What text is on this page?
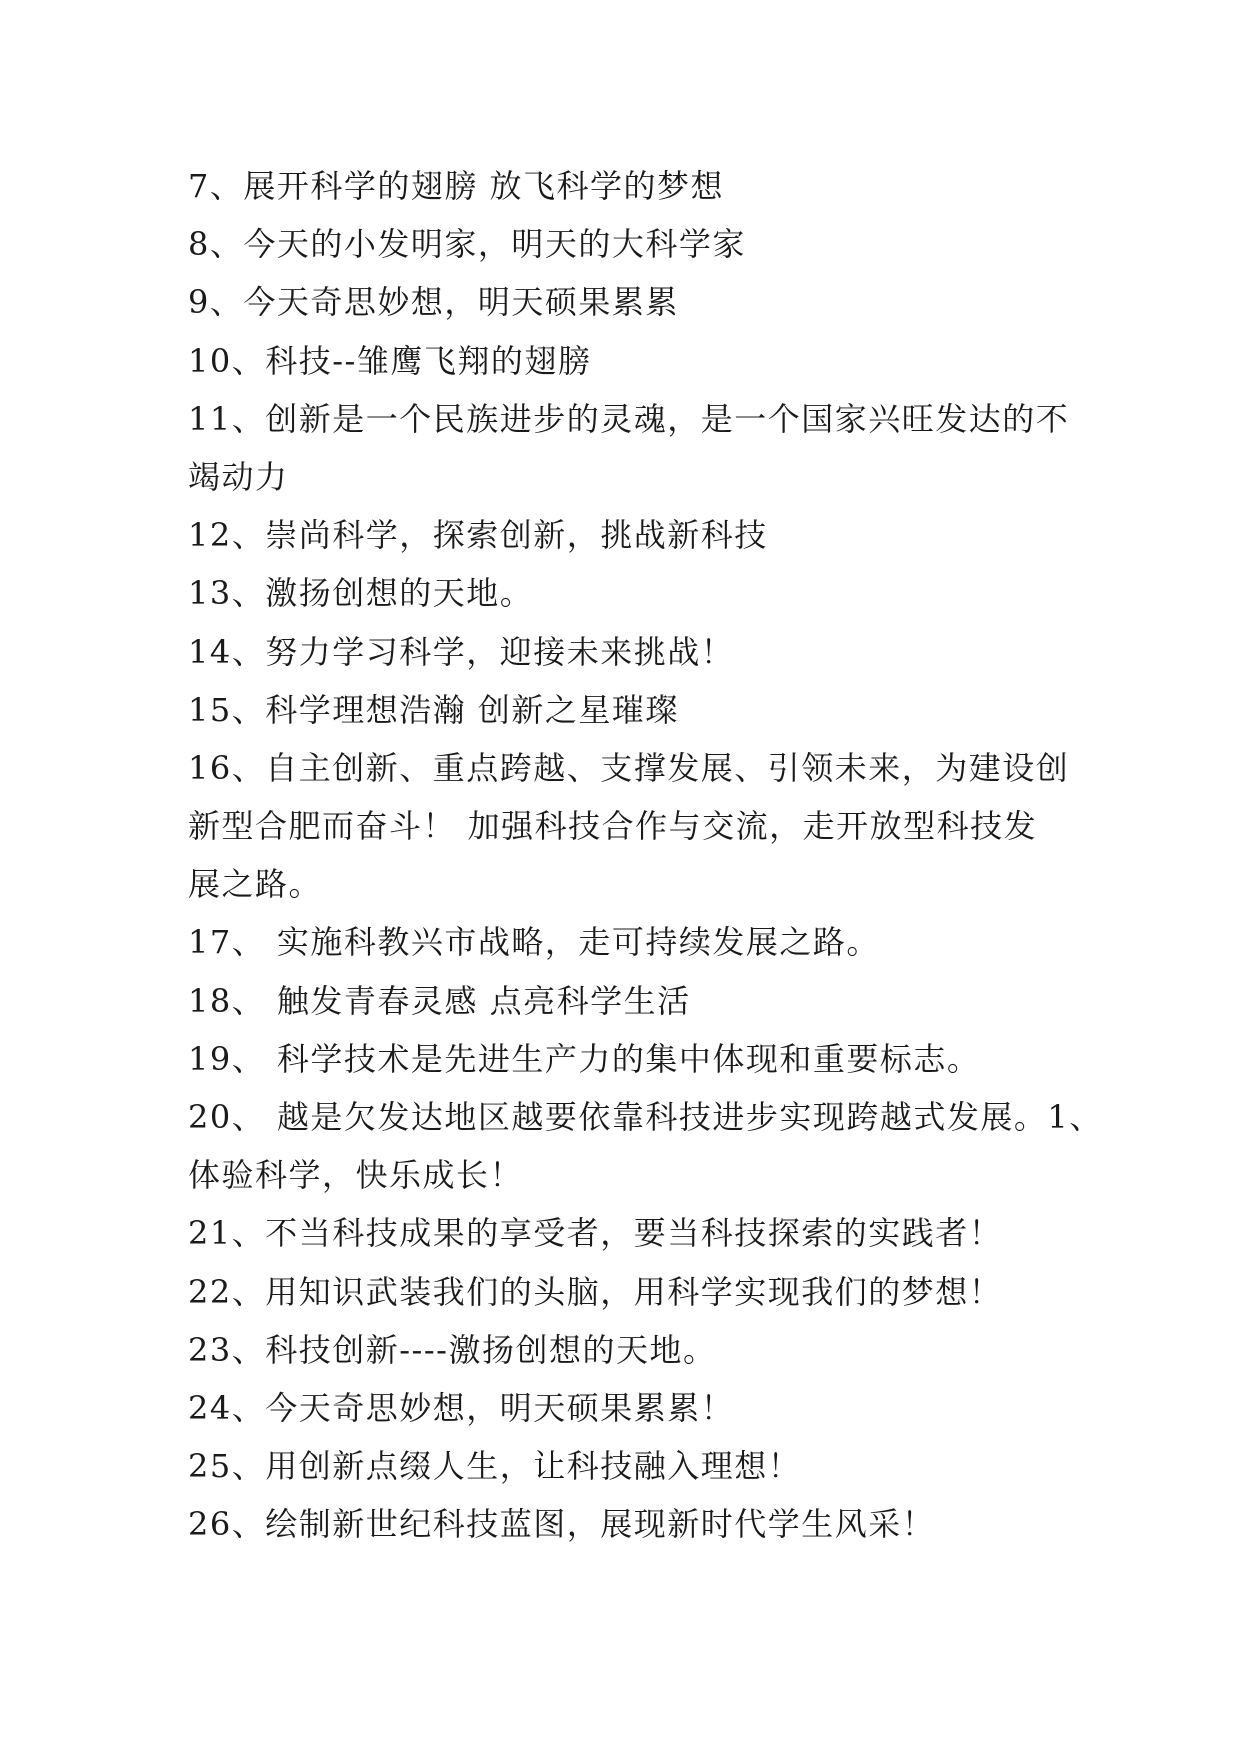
7、展开科学的翅膀 放飞科学的梦想
8、今天的小发明家，明天的大科学家
9、今天奇思妙想，明天硕果累累
10、科技--雏鹰飞翔的翅膀
11、创新是一个民族进步的灵魂，是一个国家兴旺发达的不
竭动力
12、崇尚科学，探索创新，挑战新科技
13、激扬创想的天地。
14、努力学习科学，迎接未来挑战！
15、科学理想浩瀚 创新之星璀璨
16、自主创新、重点跨越、支撑发展、引领未来，为建设创
新型合肥而奋斗！ 加强科技合作与交流，走开放型科技发
展之路。
17、 实施科教兴市战略，走可持续发展之路。
18、 触发青春灵感 点亮科学生活
19、 科学技术是先进生产力的集中体现和重要标志。
20、 越是欠发达地区越要依靠科技进步实现跨越式发展。1、
体验科学，快乐成长！
21、不当科技成果的享受者，要当科技探索的实践者！
22、用知识武装我们的头脑，用科学实现我们的梦想！
23、科技创新----激扬创想的天地。
24、今天奇思妙想，明天硕果累累！
25、用创新点缀人生，让科技融入理想！
26、绘制新世纪科技蓝图，展现新时代学生风采！
